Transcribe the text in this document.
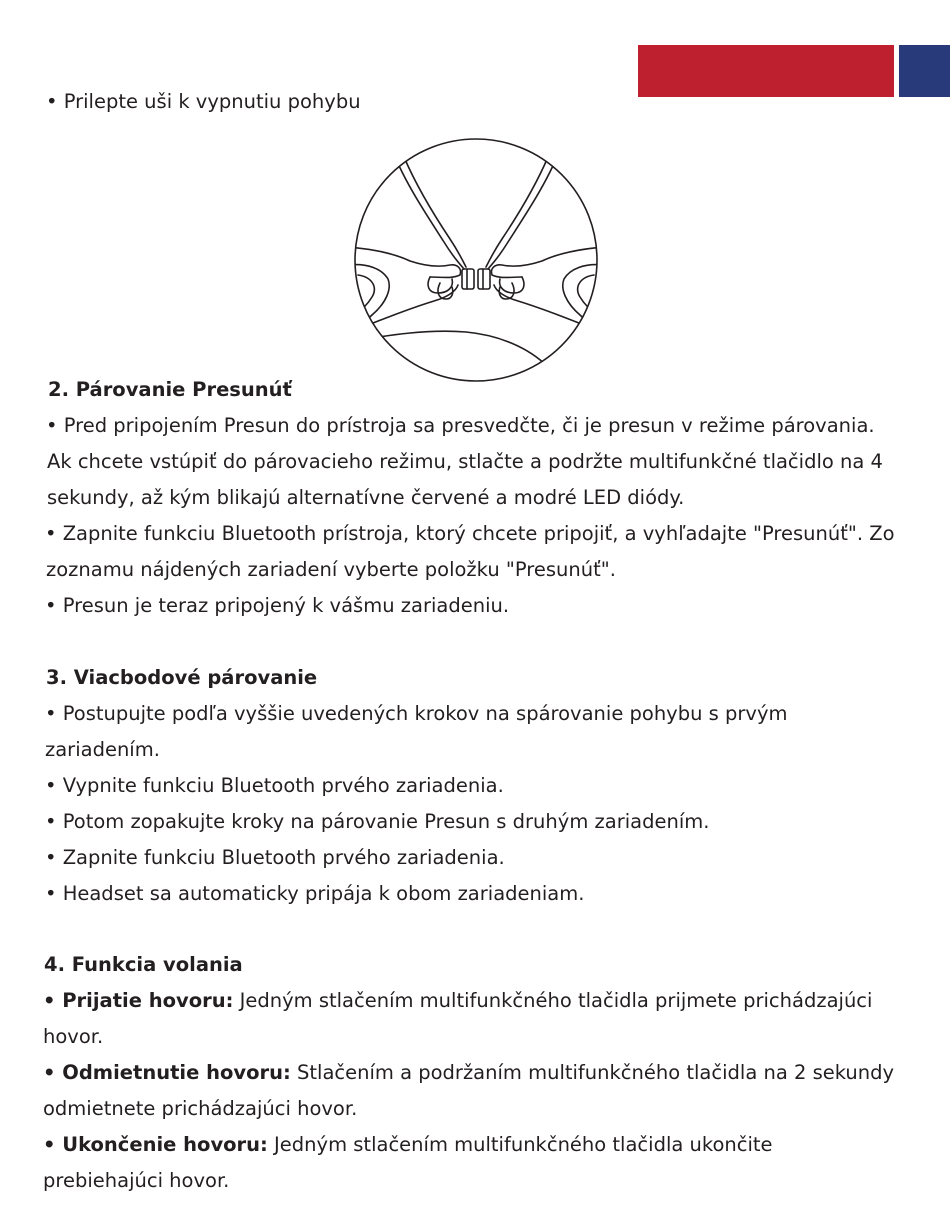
• Prilepte uši k vypnutiu pohybu
2. Párovanie Presunúť
• Pred pripojením Presun do prístroja sa presvedčte, či je presun v režime párovania.
Ak chcete vstúpiť do párovacieho režimu, stlačte a podržte multifunkčné tlačidlo na 4
sekundy, až kým blikajú alternatívne červené a modré LED diódy.
• Zapnite funkciu Bluetooth prístroja, ktorý chcete pripojiť, a vyhľadajte "Presunúť". Zo
zoznamu nájdených zariadení vyberte položku "Presunúť".
• Presun je teraz pripojený k vášmu zariadeniu.
3. Viacbodové párovanie
• Postupujte podľa vyššie uvedených krokov na spárovanie pohybu s prvým
zariadením.
• Vypnite funkciu Bluetooth prvého zariadenia.
• Potom zopakujte kroky na párovanie Presun s druhým zariadením.
• Zapnite funkciu Bluetooth prvého zariadenia.
• Headset sa automaticky pripája k obom zariadeniam.
4. Funkcia volania
• Prijatie hovoru: Jedným stlačením multifunkčného tlačidla prijmete prichádzajúci
hovor.
• Odmietnutie hovoru: Stlačením a podržaním multifunkčného tlačidla na 2 sekundy
odmietnete prichádzajúci hovor.
• Ukončenie hovoru: Jedným stlačením multifunkčného tlačidla ukončite
prebiehajúci hovor.
